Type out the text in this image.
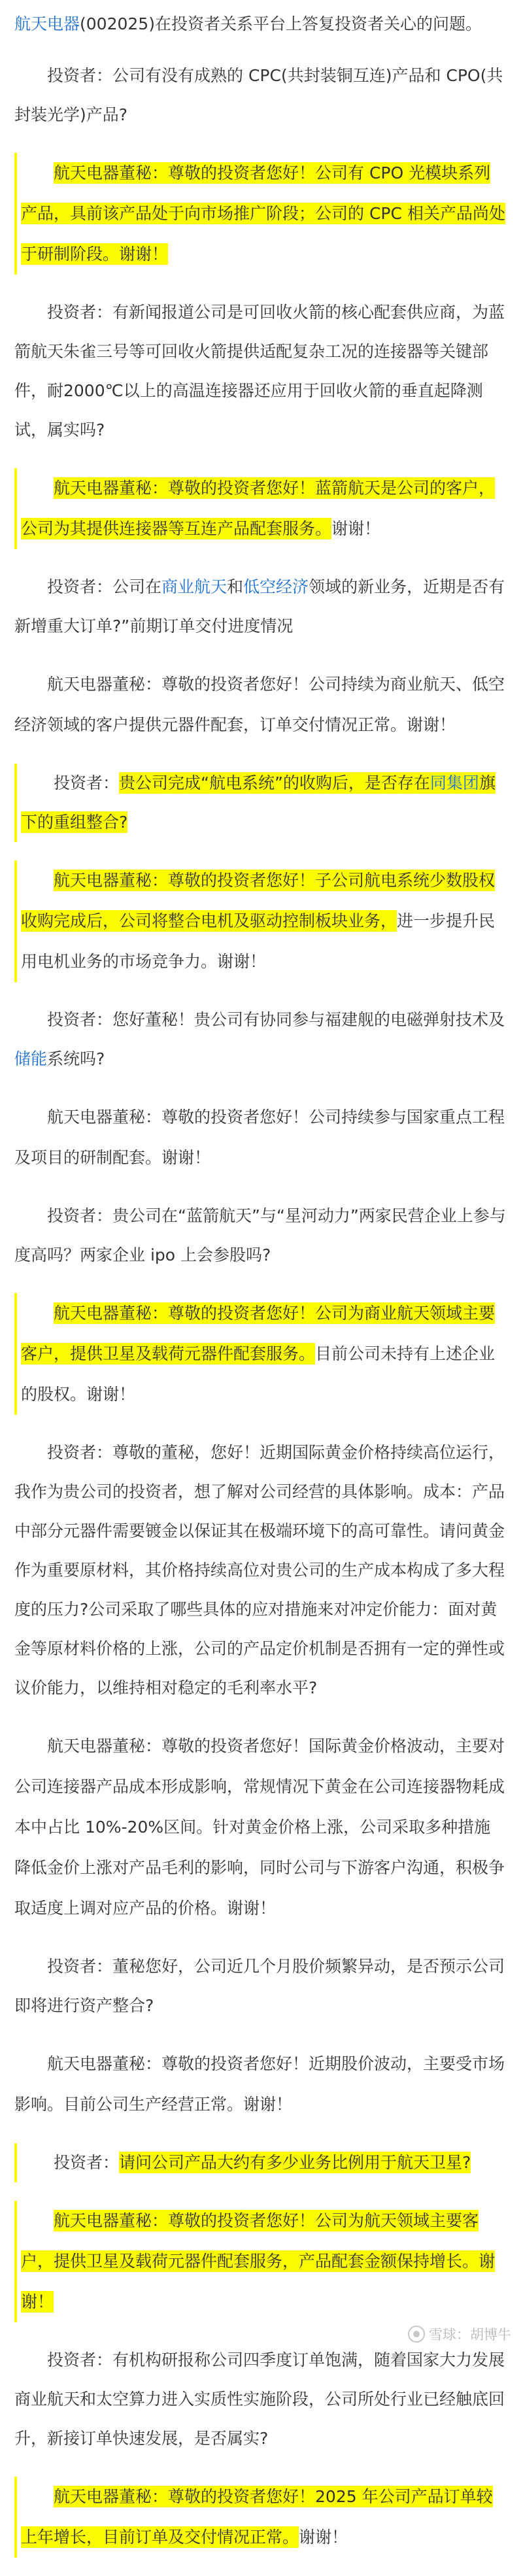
航天电器(002025)在投资者关系平台上答复投资者关心的问题。

投资者：公司有没有成熟的 CPC(共封装铜互连)产品和 CPO(共封装光学)产品?

航天电器董秘：尊敬的投资者您好！公司有 CPO 光模块系列产品，具前该产品处于向市场推广阶段；公司的 CPC 相关产品尚处于研制阶段。谢谢！

投资者：有新闻报道公司是可回收火箭的核心配套供应商，为蓝箭航天朱雀三号等可回收火箭提供适配复杂工况的连接器等关键部件，耐2000℃以上的高温连接器还应用于回收火箭的垂直起降测试，属实吗?

航天电器董秘：尊敬的投资者您好！蓝箭航天是公司的客户，公司为其提供连接器等互连产品配套服务。谢谢！

投资者：公司在商业航天和低空经济领域的新业务，近期是否有新增重大订单?”前期订单交付进度情况

航天电器董秘：尊敬的投资者您好！公司持续为商业航天、低空经济领域的客户提供元器件配套，订单交付情况正常。谢谢！

投资者：贵公司完成“航电系统”的收购后，是否存在同集团旗下的重组整合?

航天电器董秘：尊敬的投资者您好！子公司航电系统少数股权收购完成后，公司将整合电机及驱动控制板块业务，进一步提升民用电机业务的市场竞争力。谢谢！

投资者：您好董秘！贵公司有协同参与福建舰的电磁弹射技术及储能系统吗?

航天电器董秘：尊敬的投资者您好！公司持续参与国家重点工程及项目的研制配套。谢谢！

投资者：贵公司在“蓝箭航天”与“星河动力”两家民营企业上参与度高吗？两家企业 ipo 上会参股吗?

航天电器董秘：尊敬的投资者您好！公司为商业航天领域主要客户，提供卫星及载荷元器件配套服务。目前公司未持有上述企业的股权。谢谢！

投资者：尊敬的董秘，您好！近期国际黄金价格持续高位运行，我作为贵公司的投资者，想了解对公司经营的具体影响。成本：产品中部分元器件需要镀金以保证其在极端环境下的高可靠性。请问黄金作为重要原材料，其价格持续高位对贵公司的生产成本构成了多大程度的压力?公司采取了哪些具体的应对措施来对冲定价能力：面对黄金等原材料价格的上涨，公司的产品定价机制是否拥有一定的弹性或议价能力，以维持相对稳定的毛利率水平?

航天电器董秘：尊敬的投资者您好！国际黄金价格波动，主要对公司连接器产品成本形成影响，常规情况下黄金在公司连接器物耗成本中占比 10%-20%区间。针对黄金价格上涨，公司采取多种措施降低金价上涨对产品毛利的影响，同时公司与下游客户沟通，积极争取适度上调对应产品的价格。谢谢！

投资者：董秘您好，公司近几个月股价频繁异动，是否预示公司即将进行资产整合?

航天电器董秘：尊敬的投资者您好！近期股价波动，主要受市场影响。目前公司生产经营正常。谢谢！

投资者：请问公司产品大约有多少业务比例用于航天卫星?

航天电器董秘：尊敬的投资者您好！公司为航天领域主要客户，提供卫星及载荷元器件配套服务，产品配套金额保持增长。谢谢！

投资者：有机构研报称公司四季度订单饱满，随着国家大力发展商业航天和太空算力进入实质性实施阶段，公司所处行业已经触底回升，新接订单快速发展，是否属实?

航天电器董秘：尊敬的投资者您好！2025 年公司产品订单较上年增长，目前订单及交付情况正常。谢谢！

雪球：胡博牛
